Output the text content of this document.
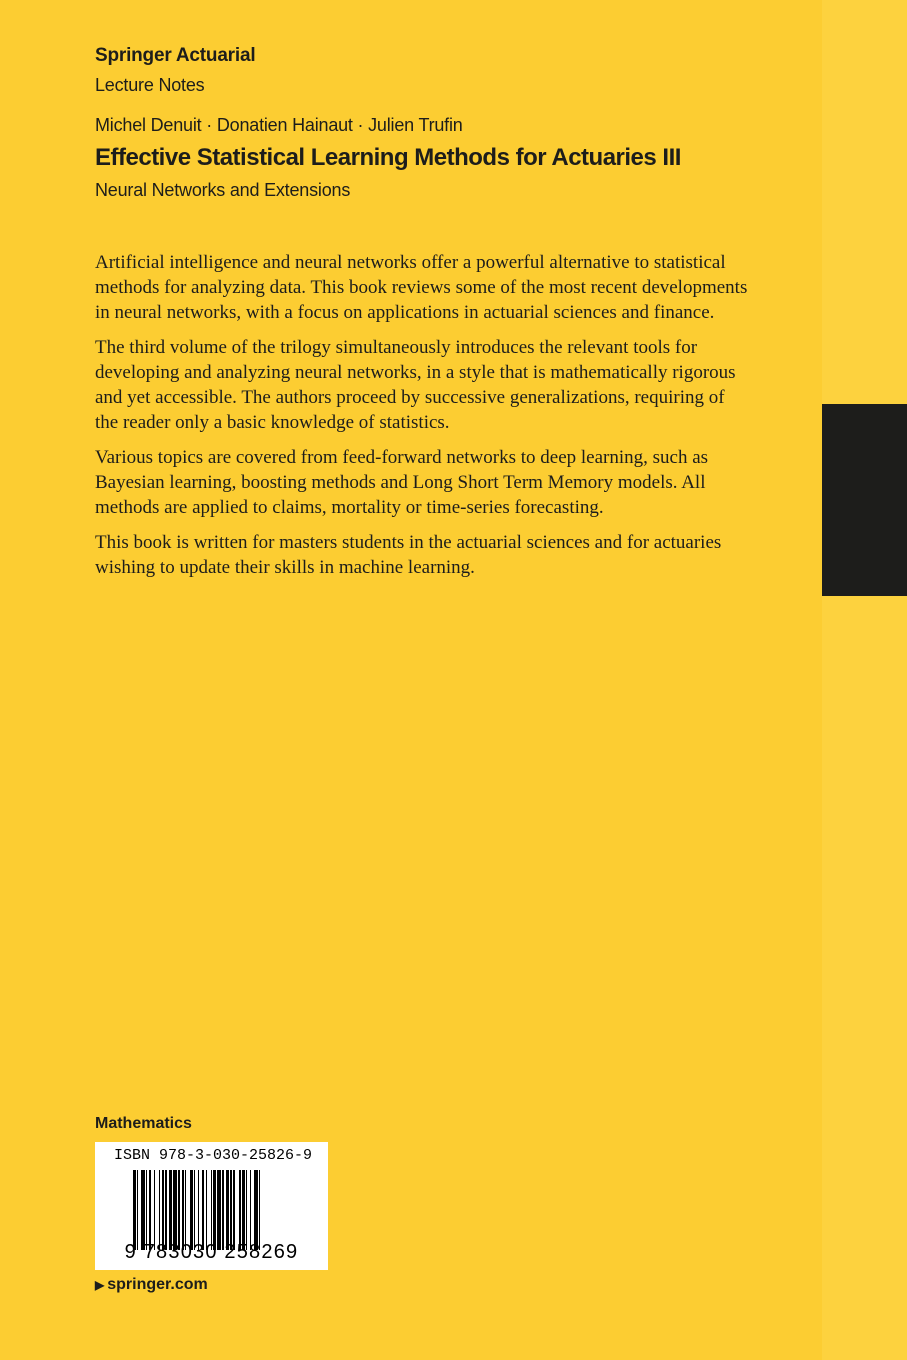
Springer Actuarial
Lecture Notes
Michel Denuit · Donatien Hainaut · Julien Trufin
Effective Statistical Learning Methods for Actuaries III
Neural Networks and Extensions

Artificial intelligence and neural networks offer a powerful alternative to statistical
methods for analyzing data. This book reviews some of the most recent developments
in neural networks, with a focus on applications in actuarial sciences and finance.

The third volume of the trilogy simultaneously introduces the relevant tools for
developing and analyzing neural networks, in a style that is mathematically rigorous
and yet accessible. The authors proceed by successive generalizations, requiring of
the reader only a basic knowledge of statistics.

Various topics are covered from feed-forward networks to deep learning, such as
Bayesian learning, boosting methods and Long Short Term Memory models. All
methods are applied to claims, mortality or time-series forecasting.

This book is written for masters students in the actuarial sciences and for actuaries
wishing to update their skills in machine learning.

Mathematics
ISBN 978-3-030-25826-9
9 783030 258269
▶ springer.com
